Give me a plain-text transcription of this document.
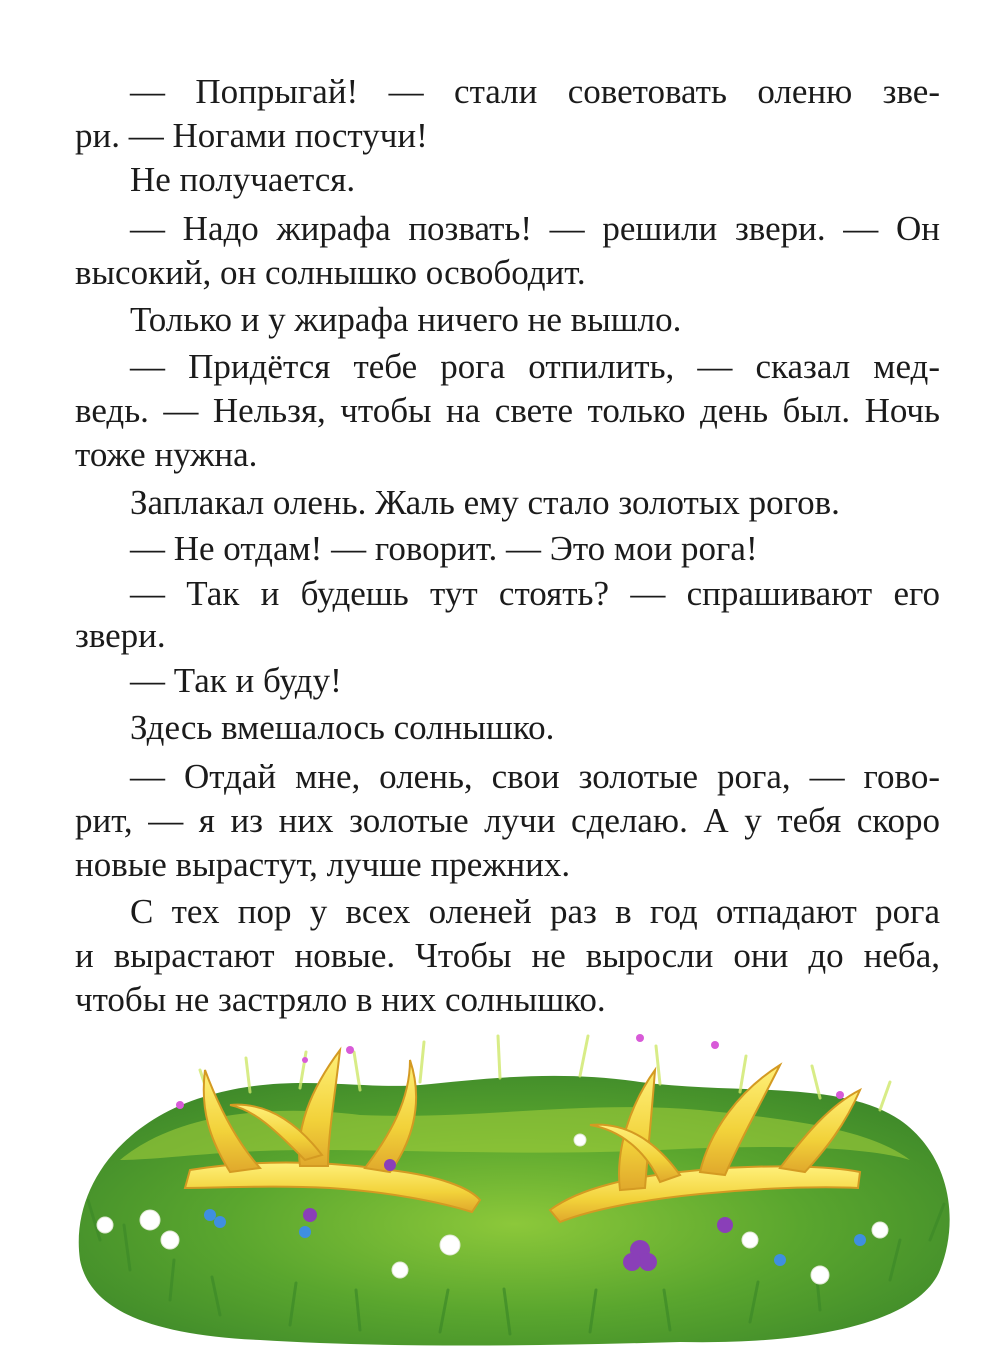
— Попрыгай! — стали советовать оленю зве-

ри. — Ногами постучи!

Не получается.

— Надо жирафа позвать! — решили звери. — Он

высокий, он солнышко освободит.

Только и у жирафа ничего не вышло.

— Придётся тебе рога отпилить, — сказал мед-

ведь. — Нельзя, чтобы на свете только день был. Ночь

тоже нужна.

Заплакал олень. Жаль ему стало золотых рогов.

— Не отдам! — говорит. — Это мои рога!

— Так и будешь тут стоять? — спрашивают его

звери.

— Так и буду!

Здесь вмешалось солнышко.

— Отдай мне, олень, свои золотые рога, — гово-

рит, — я из них золотые лучи сделаю. А у тебя скоро

новые вырастут, лучше прежних.

С тех пор у всех оленей раз в год отпадают рога

и вырастают новые. Чтобы не выросли они до неба,

чтобы не застряло в них солнышко.
